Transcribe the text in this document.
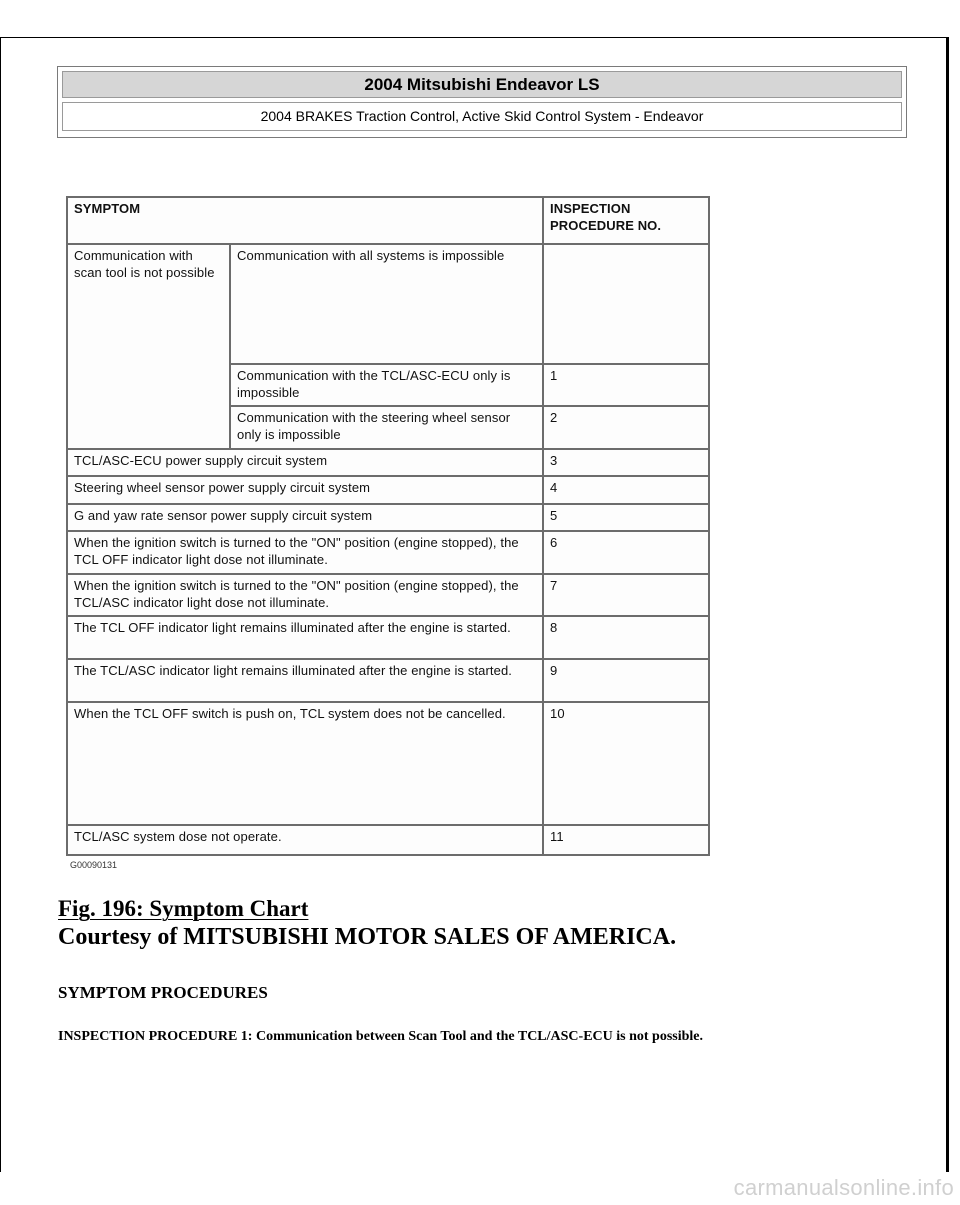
2004 Mitsubishi Endeavor LS
2004 BRAKES Traction Control, Active Skid Control System - Endeavor
SYMPTOM		INSPECTION PROCEDURE NO.
Communication with scan tool is not possible	Communication with all systems is impossible	
	Communication with the TCL/ASC-ECU only is impossible	1
	Communication with the steering wheel sensor only is impossible	2
TCL/ASC-ECU power supply circuit system		3
Steering wheel sensor power supply circuit system		4
G and yaw rate sensor power supply circuit system		5
When the ignition switch is turned to the "ON" position (engine stopped), the TCL OFF indicator light dose not illuminate.		6
When the ignition switch is turned to the "ON" position (engine stopped), the TCL/ASC indicator light dose not illuminate.		7
The TCL OFF indicator light remains illuminated after the engine is started.		8
The TCL/ASC indicator light remains illuminated after the engine is started.		9
When the TCL OFF switch is push on, TCL system does not be cancelled.		10
TCL/ASC system dose not operate.		11
G00090131
Fig. 196: Symptom Chart
Courtesy of MITSUBISHI MOTOR SALES OF AMERICA.
SYMPTOM PROCEDURES
INSPECTION PROCEDURE 1: Communication between Scan Tool and the TCL/ASC-ECU is not possible.
carmanualsonline.info
